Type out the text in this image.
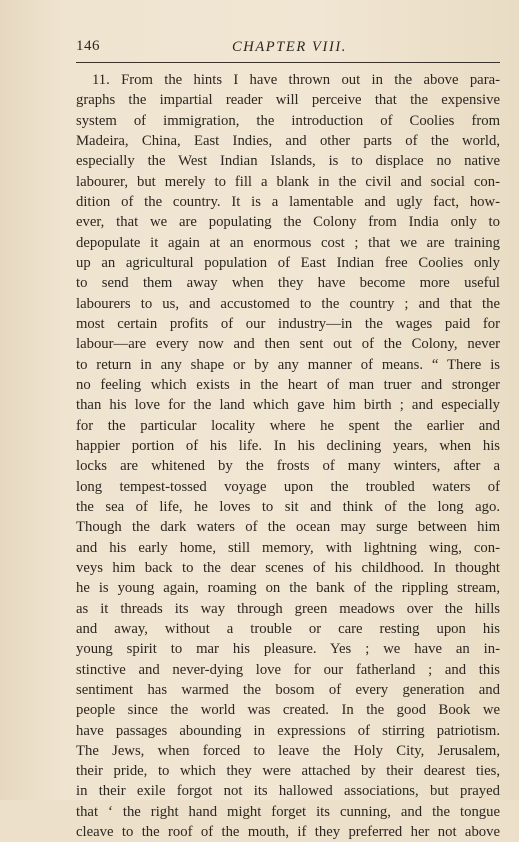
146	CHAPTER VIII.
11. From the hints I have thrown out in the above para-
graphs the impartial reader will perceive that the expensive
system of immigration, the introduction of Coolies from
Madeira, China, East Indies, and other parts of the world,
especially the West Indian Islands, is to displace no native
labourer, but merely to fill a blank in the civil and social con-
dition of the country. It is a lamentable and ugly fact, how-
ever, that we are populating the Colony from India only to
depopulate it again at an enormous cost ; that we are training
up an agricultural population of East Indian free Coolies only
to send them away when they have become more useful
labourers to us, and accustomed to the country ; and that the
most certain profits of our industry—in the wages paid for
labour—are every now and then sent out of the Colony, never
to return in any shape or by any manner of means. “ There is
no feeling which exists in the heart of man truer and stronger
than his love for the land which gave him birth ; and especially
for the particular locality where he spent the earlier and
happier portion of his life. In his declining years, when his
locks are whitened by the frosts of many winters, after a
long tempest-tossed voyage upon the troubled waters of
the sea of life, he loves to sit and think of the long ago.
Though the dark waters of the ocean may surge between him
and his early home, still memory, with lightning wing, con-
veys him back to the dear scenes of his childhood. In thought
he is young again, roaming on the bank of the rippling stream,
as it threads its way through green meadows over the hills
and away, without a trouble or care resting upon his
young spirit to mar his pleasure. Yes ; we have an in-
stinctive and never-dying love for our fatherland ; and this
sentiment has warmed the bosom of every generation and
people since the world was created. In the good Book we
have passages abounding in expressions of stirring patriotism.
The Jews, when forced to leave the Holy City, Jerusalem,
their pride, to which they were attached by their dearest ties,
in their exile forgot not its hallowed associations, but prayed
that ‘ the right hand might forget its cunning, and the tongue
cleave to the roof of the mouth, if they preferred her not above
